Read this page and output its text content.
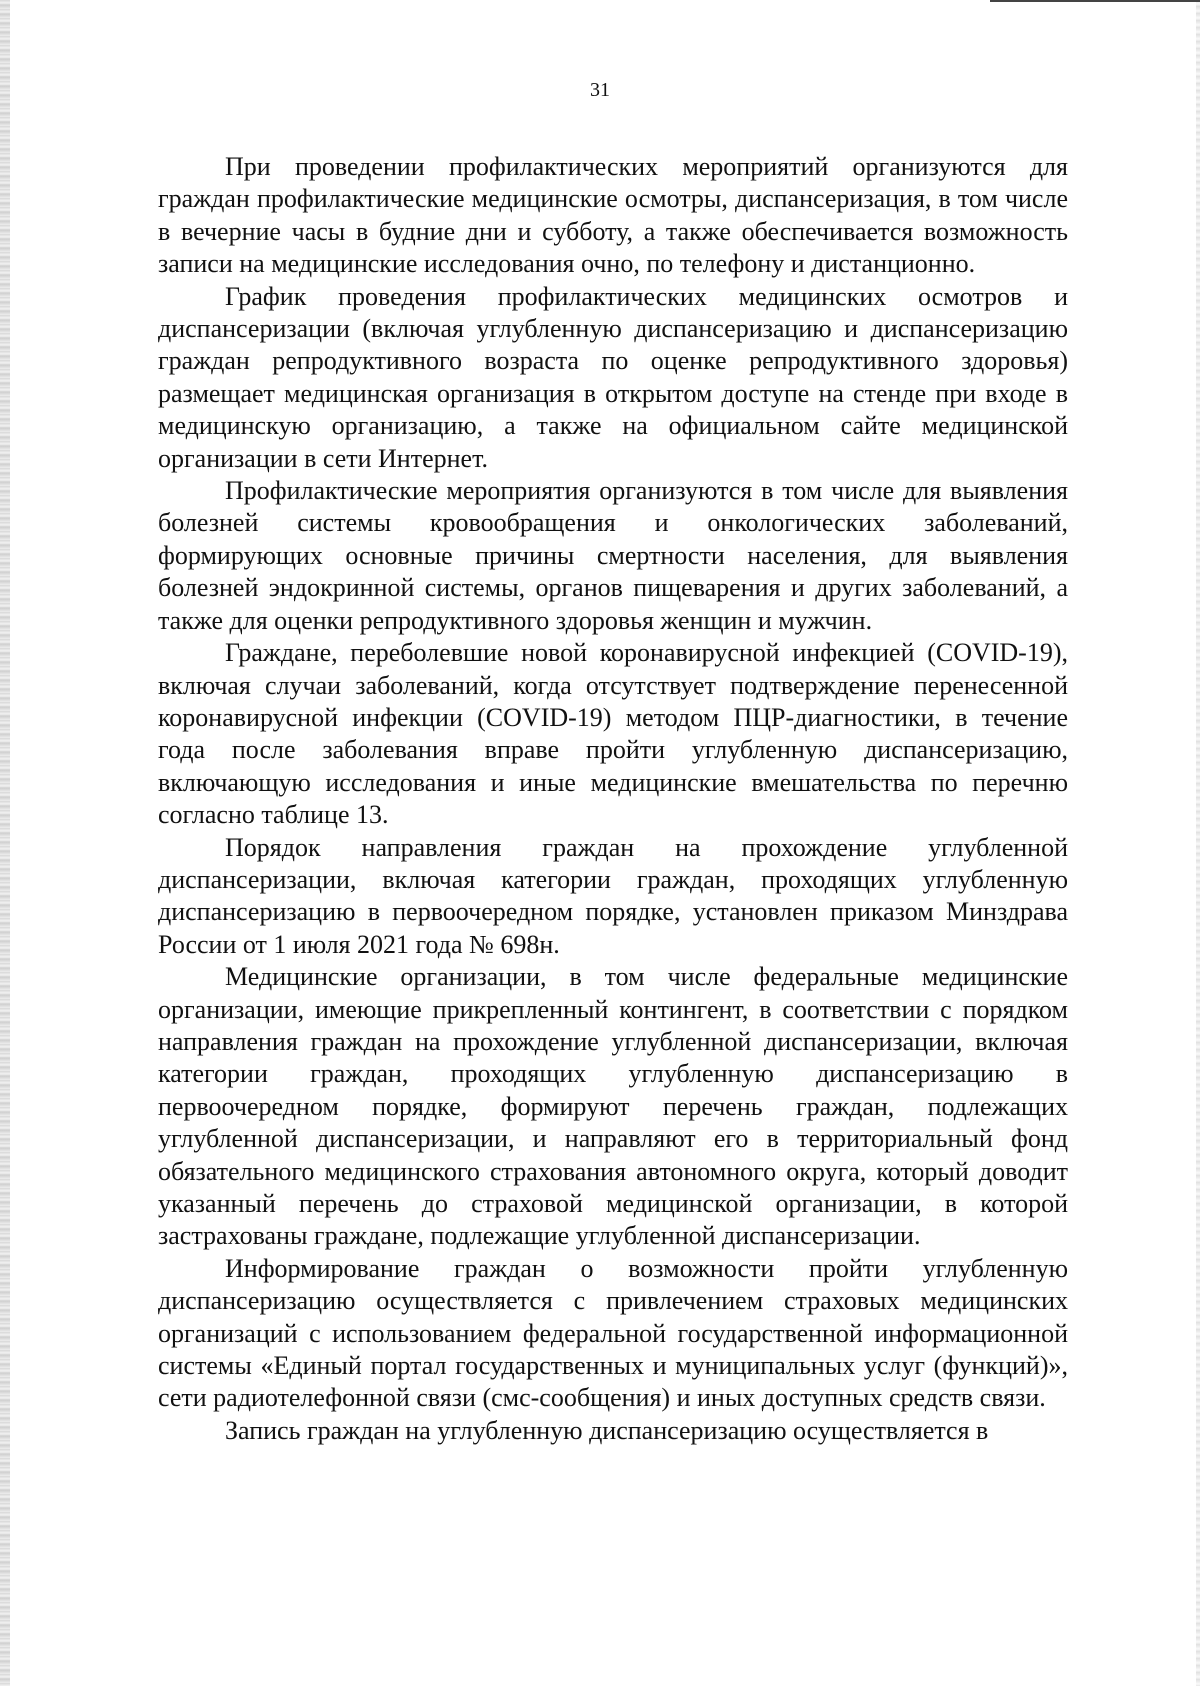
31

При проведении профилактических мероприятий организуются для граждан профилактические медицинские осмотры, диспансеризация, в том числе в вечерние часы в будние дни и субботу, а также обеспечивается возможность записи на медицинские исследования очно, по телефону и дистанционно.

График проведения профилактических медицинских осмотров и диспансеризации (включая углубленную диспансеризацию и диспансеризацию граждан репродуктивного возраста по оценке репродуктивного здоровья) размещает медицинская организация в открытом доступе на стенде при входе в медицинскую организацию, а также на официальном сайте медицинской организации в сети Интернет.

Профилактические мероприятия организуются в том числе для выявления болезней системы кровообращения и онкологических заболеваний, формирующих основные причины смертности населения, для выявления болезней эндокринной системы, органов пищеварения и других заболеваний, а также для оценки репродуктивного здоровья женщин и мужчин.

Граждане, переболевшие новой коронавирусной инфекцией (COVID-19), включая случаи заболеваний, когда отсутствует подтверждение перенесенной коронавирусной инфекции (COVID-19) методом ПЦР-диагностики, в течение года после заболевания вправе пройти углубленную диспансеризацию, включающую исследования и иные медицинские вмешательства по перечню согласно таблице 13.

Порядок направления граждан на прохождение углубленной диспансеризации, включая категории граждан, проходящих углубленную диспансеризацию в первоочередном порядке, установлен приказом Минздрава России от 1 июля 2021 года № 698н.

Медицинские организации, в том числе федеральные медицинские организации, имеющие прикрепленный контингент, в соответствии с порядком направления граждан на прохождение углубленной диспансеризации, включая категории граждан, проходящих углубленную диспансеризацию в первоочередном порядке, формируют перечень граждан, подлежащих углубленной диспансеризации, и направляют его в территориальный фонд обязательного медицинского страхования автономного округа, который доводит указанный перечень до страховой медицинской организации, в которой застрахованы граждане, подлежащие углубленной диспансеризации.

Информирование граждан о возможности пройти углубленную диспансеризацию осуществляется с привлечением страховых медицинских организаций с использованием федеральной государственной информационной системы «Единый портал государственных и муниципальных услуг (функций)», сети радиотелефонной связи (смс-сообщения) и иных доступных средств связи.

Запись граждан на углубленную диспансеризацию осуществляется в
